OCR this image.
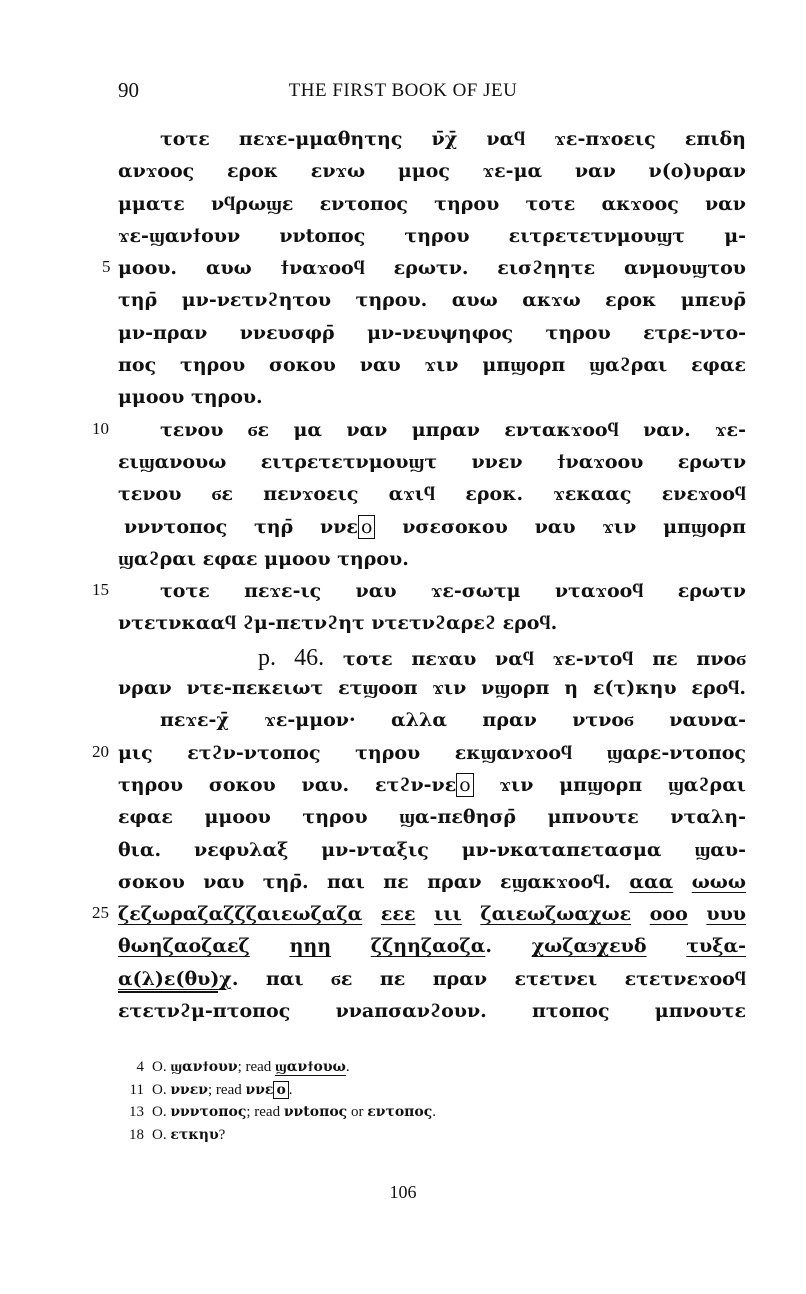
90	THE FIRST BOOK OF JEU
τοτε πεϫε-μμαθητης ν̄χ̄ ναϥ ϫε-πϫοεις επιδη
ανϫοος εροκ ενϫω μμος ϫε-μα ναν ν(ο)υραν
μματε νϥρωϣε εντοπος τηρου τοτε ακϫοος ναν
ϫε-ϣανϯουν ννtοπος τηρου ειτρετετνμουϣτ μ-
5 μοου. αυω ϯναϫοοϥ ερωτν. εισϩηητε ανμουϣτου
τηρ̄ μν-νετνϩητου τηρου. αυω ακϫω εροκ μπευρ̄
μν-πραν ννευσφρ̄ μν-νευψηφος τηρου ετρε-ντο-
πος τηρου σοκου ναυ ϫιν μπϣορπ ϣαϩραι εφαε
μμοου τηρου.
10	τενου ϭε μα ναν μπραν εντακϫοοϥ ναν. ϫε-
ειϣανουω ειτρετετνμουϣτ ννεν ϯναϫοου ερωτν
τενου ϭε πενϫοεις αϫιϥ εροκ. ϫεκαας ενεϫοοϥ
ννντοπος τηρ̄ ννε ο νσεσοκου ναυ ϫιν μπϣορπ
ϣαϩραι εφαε μμοου τηρου.
15	τοτε πεϫε-ις ναυ ϫε-σωτμ νταϫοοϥ ερωτν
ντετνκααϥ ϩμ-πετνϩητ ντετνϩαρεϩ εροϥ.
p. 46. τοτε πεϫαυ ναϥ ϫε-ντοϥ πε πνοϭ
νραν ντε-πεκειωτ ετϣοοπ ϫιν νϣορπ η ε(τ)κηυ εροϥ.
πεϫε-χ̄ ϫε-μμον· αλλα πραν ντνοϭ ναυνα-
20 μις ετϩν-ντοπος τηρου εκϣανϫοοϥ ϣαρε-ντοπος
τηρου σοκου ναυ. ετϩν-νε ο ϫιν μπϣορπ ϣαϩραι
εφαε μμοου τηρου ϣα-πεθησρ̄ μπνουτε νταλη-
θια. νεφυλαξ μν-νταξις μν-νκαταπετασμα ϣαυ-
σοκου ναυ τηρ̄. παι πε πραν εϣακϫοοϥ. ααα ωωω
25 ζεζωραζαζζζαιεωζαζα εεε ιιι ζαιεωζωαχωε οοο υυυ
θωηζαοζαεζ ηηη ζζηηζαοζα. χωζαϧχευδ τυξα-
α(λ)ε(θυ)χ. παι ϭε πε πραν ετετνει ετετνεϫοοϥ
ετετνϩμ-πτοπος ννaπσανϩουν. πτοπος μπνουτε
4 O. ϣανϯουν; read ϣανϯουω.
11 O. ννεν; read ννε ο .
13 O. ννντοπος; read ννtοπος or εντοπος.
18 O. ετκηυ?
106
